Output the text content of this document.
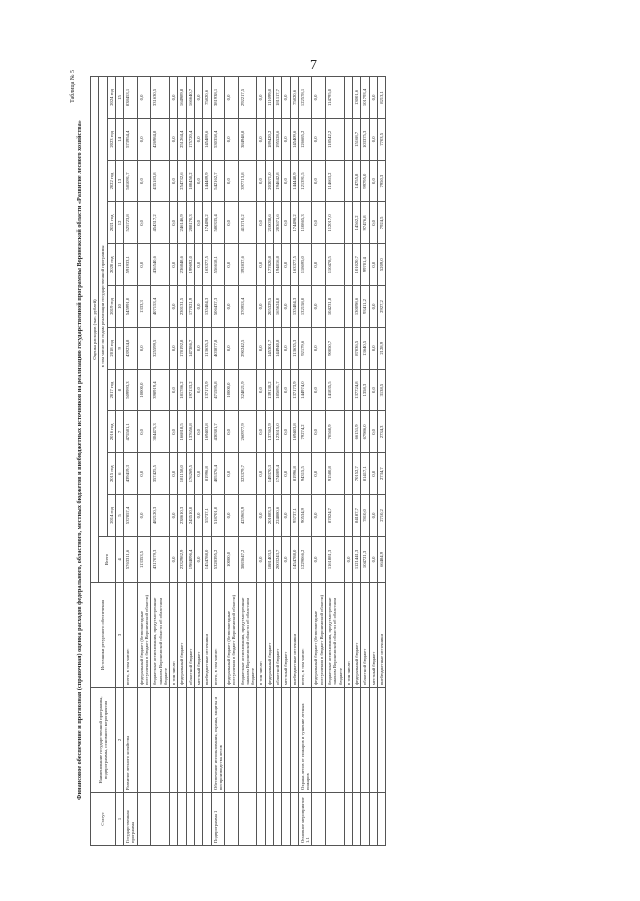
7
Таблица № 5
Финансовое обеспечение и прогнозная (справочная) оценка расходов федерального, областного, местных бюджетов и внебюджетных источников на реализацию государственной программы Воронежской области «Развитие лесного хозяйства»
Статус	Наименование государственной программы, подпрограммы, основного мероприятия	Источники ресурсного обеспечения	Оценка расходов (тыс. рублей)											
			Всего	в том числе по годам реализации государственной программы										
				2014 год	2015 год	2016 год	2017 год	2018 год	2019 год	2020 год	2021 год	2022 год	2023 год	2024 год
1	2	3	4	5	6	7	8	9	10	11	12	13	14	15
Государственная программа	Развитие лесного хозяйства	всего, в том числе:	5763311,6	537857,4	439419,3	475581,1	509993,3	439234,8	545991,0	591933,1	525723,8	581091,7	573954,4	838453,1
		федеральный бюджет (безвозмездные поступления в бюджет Воронежской области)	113353,5	0,0	0,0	0,0	10000,0	0,0	1333,3	0,0	0,0	0,0	0,0	0,0
		бюджетные ассигнования, предусмотренные законом Воронежской области об областном бюджете	4317079,3	482120,3	357425,5	304475,3	398919,4	325599,5	407153,4	436540,6	454317,2	435183,8	426984,8	331630,5
		в том числе:	0,0	0,0	0,0	0,0	0,0	0,0	0,0	0,0	0,0	0,0	0,0	0,0
		федеральный бюджет	2332982,9	238610,3	181158,0	166818,5	181786,2	178192,8	230131,5	236848,6	246146,9	254732,6	251264,4	164989,8
		областной бюджет	1984096,4	243510,0	176269,5	137656,8	197133,2	147386,7	177021,9	199692,0	208170,3	180450,2	175720,4	166640,7
		местный бюджет	0,0	0,0	0,0	0,0	0,0	0,0	0,0	0,0	0,0	0,0	0,0	0,0
		внебюджетные источники	1454788,0	55737,1	81996,8	169403,8	137173,9	113635,3	135484,3	163377,5	174498,2	144489,9	145489,6	75820,6
Подпрограмма 1	Обеспечение использования, охраны, защиты и воспроизводства лесов	всего, в том числе:	5328395,2	518701,0	405376,4	430381,7	471595,8	403877,8	506437,3	556618,1	580335,4	542162,7	530358,4	381938,1
		федеральный бюджет (безвозмездные поступления в бюджет Воронежской области)	10000,0	0,0	0,0	0,0	10000,0	0,0	0,0	0,0	0,0	0,0	0,0	0,0
		бюджетные ассигнования, предусмотренные законом Воронежской области об областном бюджете	3883647,2	425963,9	323379,7	260977,9	324821,9	290242,5	370953,4	392837,6	413710,2	397713,8	384948,8	292217,5
		в том числе:	0,0	0,0	0,0	0,0	0,0	0,0	0,0	0,0	0,0	0,0	0,0	0,0
		федеральный бюджет	1881403,5	201083,3	149370,3	137362,9	139130,2	145301,7	205329,5	177820,8	210038,6	203071,0	189420,2	111099,8
		областной бюджет	2003243,7	224880,6	174009,4	123615,0	185691,7	144940,8	165624,0	194816,8	203671,6	194642,8	195528,6	181117,7
		местный бюджет	0,0	0,0	0,0	0,0	0,0	0,0	0,0	0,0	0,0	0,0	0,0	0,0
		внебюджетные источники	1454788,0	95737,1	81996,8	169403,8	137173,9	113635,3	135484,3	163377,5	174498,2	144448,9	145409,6	75820,6
Основное мероприятие 1.1	Охрана лесов от пожаров и тушение лесных пожаров	всего, в том числе:	1229066,2	90534,9	94315,5	79274,2	144974,0	92179,6	132158,0	118695,0	110865,3	121391,5	126685,2	122578,1
		федеральный бюджет (безвозмездные поступления в бюджет Воронежской области)	0,0	0,0	0,0	0,0	0,0	0,0	0,0	0,0	0,0	0,0	0,0	0,0
		бюджетные ассигнования, предусмотренные законом Воронежской области об областном бюджете	1161881,3	87824,7	91580,8	70560,9	141835,5	90050,7	104231,8	110478,5	112017,0	114663,2	118542,2	114795,0
		в том числе:	0,0											
		федеральный бюджет	1121441,3	84187,7	70152,7	66151,9	137724,8	87036,5	130098,6	101020,7	14562,2	14755,8	15168,7	13001,6
		областной бюджет	104721,3	7810,0	81417,1	67986,0	1358,3	13640,5	93411,2	99701,4	97476,8	99795,0	103375,3	101793,4
		местный бюджет	0,0	0,0	0,0	0,0	0,0	0,0	0,0	0,0	0,0	0,0	0,0	0,0
		внебюджетные источники	66484,9	2710,2	2734,7	2734,3	3138,5	2128,9	2927,2	5209,0	7924,5	7950,3	7703,5	8213,1
